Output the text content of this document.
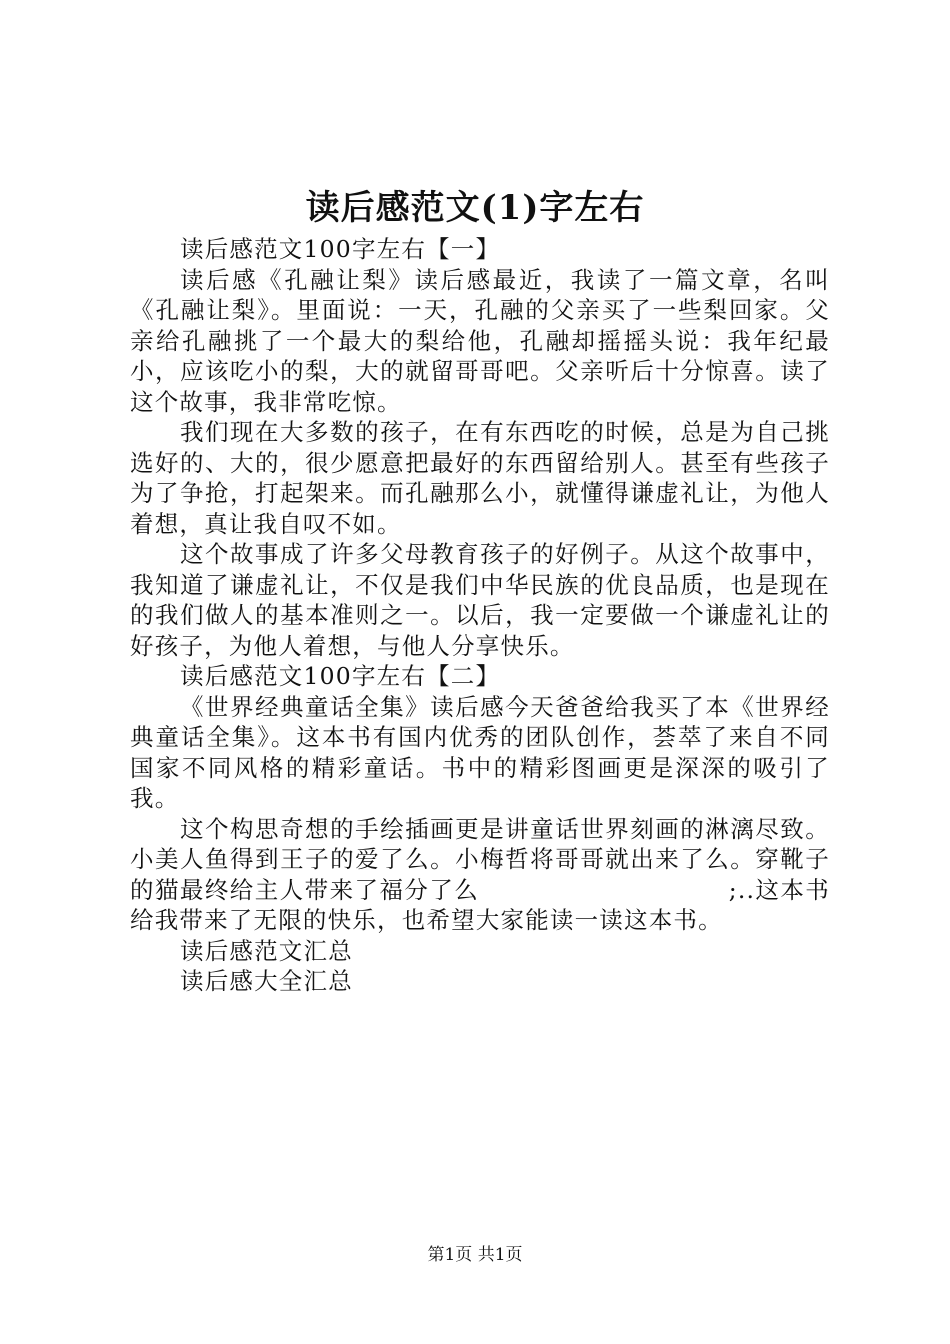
读后感范文(1)字左右

读后感范文100字左右【一】

读后感《孔融让梨》读后感最近，我读了一篇文章，名叫《孔融让梨》。里面说：一天，孔融的父亲买了一些梨回家。父亲给孔融挑了一个最大的梨给他，孔融却摇摇头说：我年纪最小，应该吃小的梨，大的就留哥哥吧。父亲听后十分惊喜。读了这个故事，我非常吃惊。

我们现在大多数的孩子，在有东西吃的时候，总是为自己挑选好的、大的，很少愿意把最好的东西留给别人。甚至有些孩子为了争抢，打起架来。而孔融那么小，就懂得谦虚礼让，为他人着想，真让我自叹不如。

这个故事成了许多父母教育孩子的好例子。从这个故事中，我知道了谦虚礼让，不仅是我们中华民族的优良品质，也是现在的我们做人的基本准则之一。以后，我一定要做一个谦虚礼让的好孩子，为他人着想，与他人分享快乐。

读后感范文100字左右【二】

《世界经典童话全集》读后感今天爸爸给我买了本《世界经典童话全集》。这本书有国内优秀的团队创作，荟萃了来自不同国家不同风格的精彩童话。书中的精彩图画更是深深的吸引了我。

这个构思奇想的手绘插画更是讲童话世界刻画的淋漓尽致。小美人鱼得到王子的爱了么。小梅哲将哥哥就出来了么。穿靴子的猫最终给主人带来了福分了么　　　　　　　　　　;..这本书给我带来了无限的快乐，也希望大家能读一读这本书。

读后感范文汇总

读后感大全汇总

第1页 共1页
